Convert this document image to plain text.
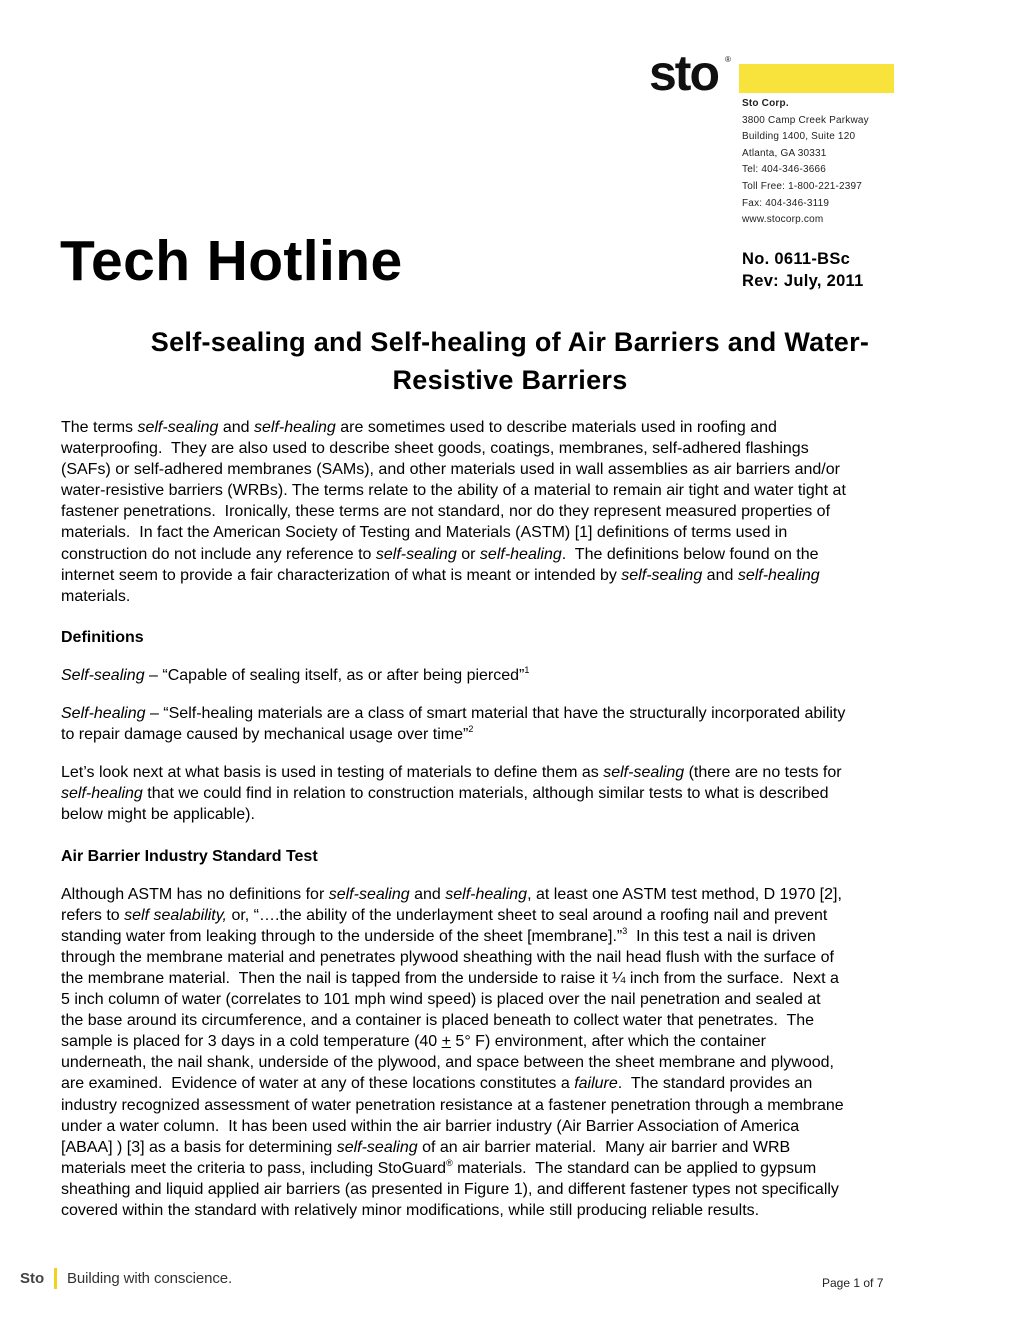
sto ®
Sto Corp.
3800 Camp Creek Parkway
Building 1400, Suite 120
Atlanta, GA 30331
Tel: 404-346-3666
Toll Free: 1-800-221-2397
Fax: 404-346-3119
www.stocorp.com
Tech Hotline	No. 0611-BSc
Rev: July, 2011
Self-sealing and Self-healing of Air Barriers and Water-
Resistive Barriers

The terms self-sealing and self-healing are sometimes used to describe materials used in roofing and
waterproofing.  They are also used to describe sheet goods, coatings, membranes, self-adhered flashings
(SAFs) or self-adhered membranes (SAMs), and other materials used in wall assemblies as air barriers and/or
water-resistive barriers (WRBs). The terms relate to the ability of a material to remain air tight and water tight at
fastener penetrations.  Ironically, these terms are not standard, nor do they represent measured properties of
materials.  In fact the American Society of Testing and Materials (ASTM) [1] definitions of terms used in
construction do not include any reference to self-sealing or self-healing.  The definitions below found on the
internet seem to provide a fair characterization of what is meant or intended by self-sealing and self-healing
materials.

Definitions

Self-sealing – “Capable of sealing itself, as or after being pierced”$^1$

Self-healing – “Self-healing materials are a class of smart material that have the structurally incorporated ability
to repair damage caused by mechanical usage over time”$^2$

Let’s look next at what basis is used in testing of materials to define them as self-sealing (there are no tests for
self-healing that we could find in relation to construction materials, although similar tests to what is described
below might be applicable).

Air Barrier Industry Standard Test

Although ASTM has no definitions for self-sealing and self-healing, at least one ASTM test method, D 1970 [2],
refers to self sealability, or, “….the ability of the underlayment sheet to seal around a roofing nail and prevent
standing water from leaking through to the underside of the sheet [membrane].”$^3$  In this test a nail is driven
through the membrane material and penetrates plywood sheathing with the nail head flush with the surface of
the membrane material.  Then the nail is tapped from the underside to raise it ¼ inch from the surface.  Next a
5 inch column of water (correlates to 101 mph wind speed) is placed over the nail penetration and sealed at
the base around its circumference, and a container is placed beneath to collect water that penetrates.  The
sample is placed for 3 days in a cold temperature (40 + 5° F) environment, after which the container
underneath, the nail shank, underside of the plywood, and space between the sheet membrane and plywood,
are examined.  Evidence of water at any of these locations constitutes a failure.  The standard provides an
industry recognized assessment of water penetration resistance at a fastener penetration through a membrane
under a water column.  It has been used within the air barrier industry (Air Barrier Association of America
[ABAA] ) [3] as a basis for determining self-sealing of an air barrier material.  Many air barrier and WRB
materials meet the criteria to pass, including StoGuard® materials.  The standard can be applied to gypsum
sheathing and liquid applied air barriers (as presented in Figure 1), and different fastener types not specifically
covered within the standard with relatively minor modifications, while still producing reliable results.

Sto Building with conscience.	Page 1 of 7
